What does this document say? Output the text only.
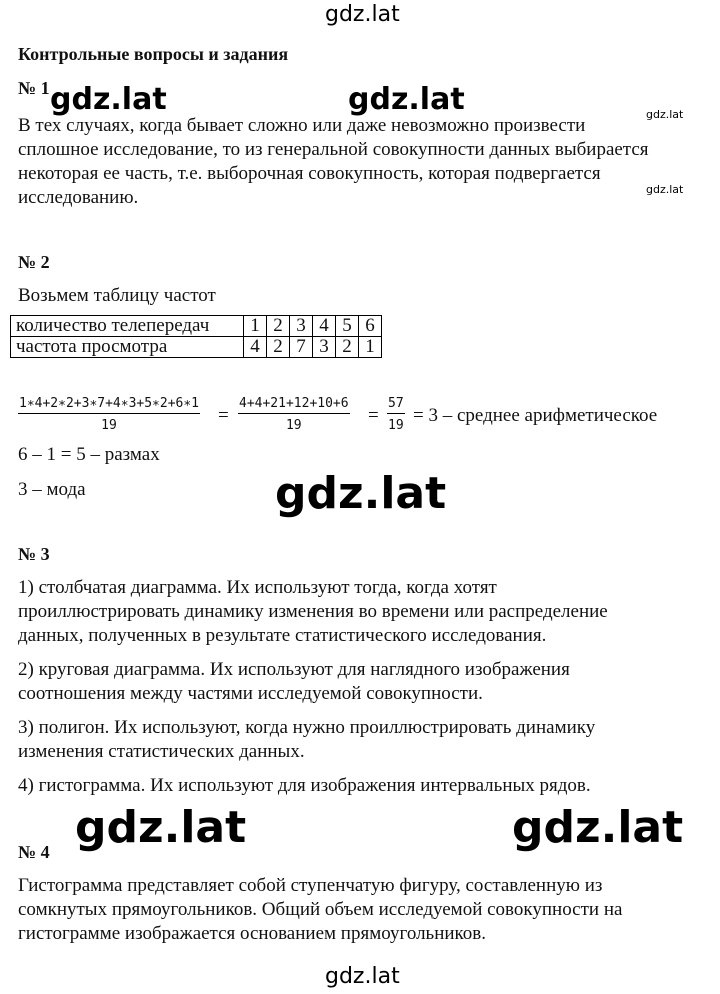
gdz.lat
Контрольные вопросы и задания
№ 1 gdz.lat	gdz.lat	gdz.lat
gdz.lat
В тех случаях, когда бывает сложно или даже невозможно произвести
сплошное исследование, то из генеральной совокупности данных выбирается
некоторая ее часть, т.е. выборочная совокупность, которая подвергается
исследованию.
№ 2
Возьмем таблицу частот
количество телепередач	1	2	3	4	5	6
частота просмотра	4	2	7	3	2	1
$\frac{1∗4+2∗2+3∗7+4∗3+5∗2+6∗1}{19} = \frac{4+4+21+12+10+6}{19} = \frac{57}{19} = 3$ – среднее арифметическое
6 – 1 = 5 – размах
3 – мода	gdz.lat
№ 3
1) столбчатая диаграмма. Их используют тогда, когда хотят
проиллюстрировать динамику изменения во времени или распределение
данных, полученных в результате статистического исследования.
2) круговая диаграмма. Их используют для наглядного изображения
соотношения между частями исследуемой совокупности.
3) полигон. Их используют, когда нужно проиллюстрировать динамику
изменения статистических данных.
4) гистограмма. Их используют для изображения интервальных рядов.
№ 4 gdz.lat	gdz.lat
Гистограмма представляет собой ступенчатую фигуру, составленную из
сомкнутых прямоугольников. Общий объем исследуемой совокупности на
гистограмме изображается основанием прямоугольников.
gdz.lat
